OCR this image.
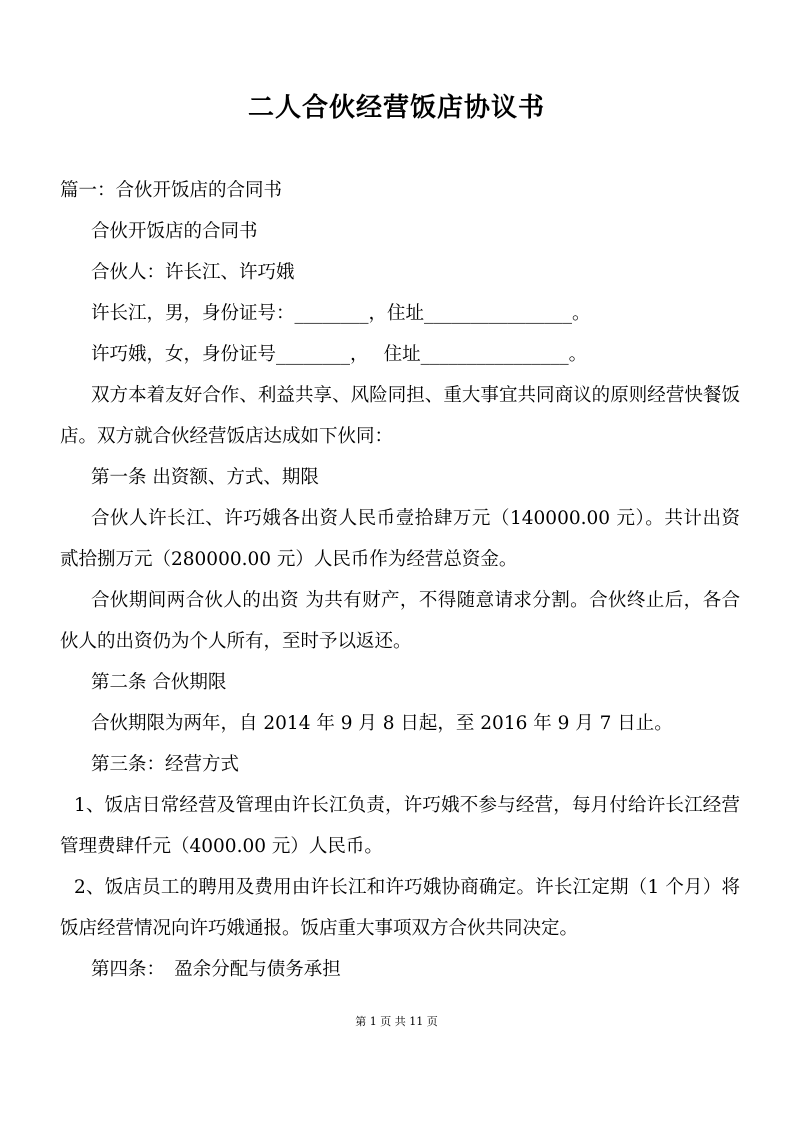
二人合伙经营饭店协议书

篇一：合伙开饭店的合同书

合伙开饭店的合同书

合伙人：许长江、许巧娥

许长江，男，身份证号：________，住址________________。

许巧娥，女，身份证号________，　 住址________________。

双方本着友好合作、利益共享、风险同担、重大事宜共同商议的原则经营快餐饭店。双方就合伙经营饭店达成如下伙同：

第一条 出资额、方式、期限

合伙人许长江、许巧娥各出资人民币壹拾肆万元（140000.00 元）。共计出资贰拾捌万元（280000.00 元）人民币作为经营总资金。

合伙期间两合伙人的出资 为共有财产，不得随意请求分割。合伙终止后，各合伙人的出资仍为个人所有，至时予以返还。

第二条 合伙期限

合伙期限为两年，自 2014 年 9 月 8 日起，至 2016 年 9 月 7 日止。

第三条：经营方式

1、饭店日常经营及管理由许长江负责，许巧娥不参与经营，每月付给许长江经营管理费肆仟元（4000.00 元）人民币。

2、饭店员工的聘用及费用由许长江和许巧娥协商确定。许长江定期（1 个月）将饭店经营情况向许巧娥通报。饭店重大事项双方合伙共同决定。

第四条：　盈余分配与债务承担

第 1 页 共 11 页
